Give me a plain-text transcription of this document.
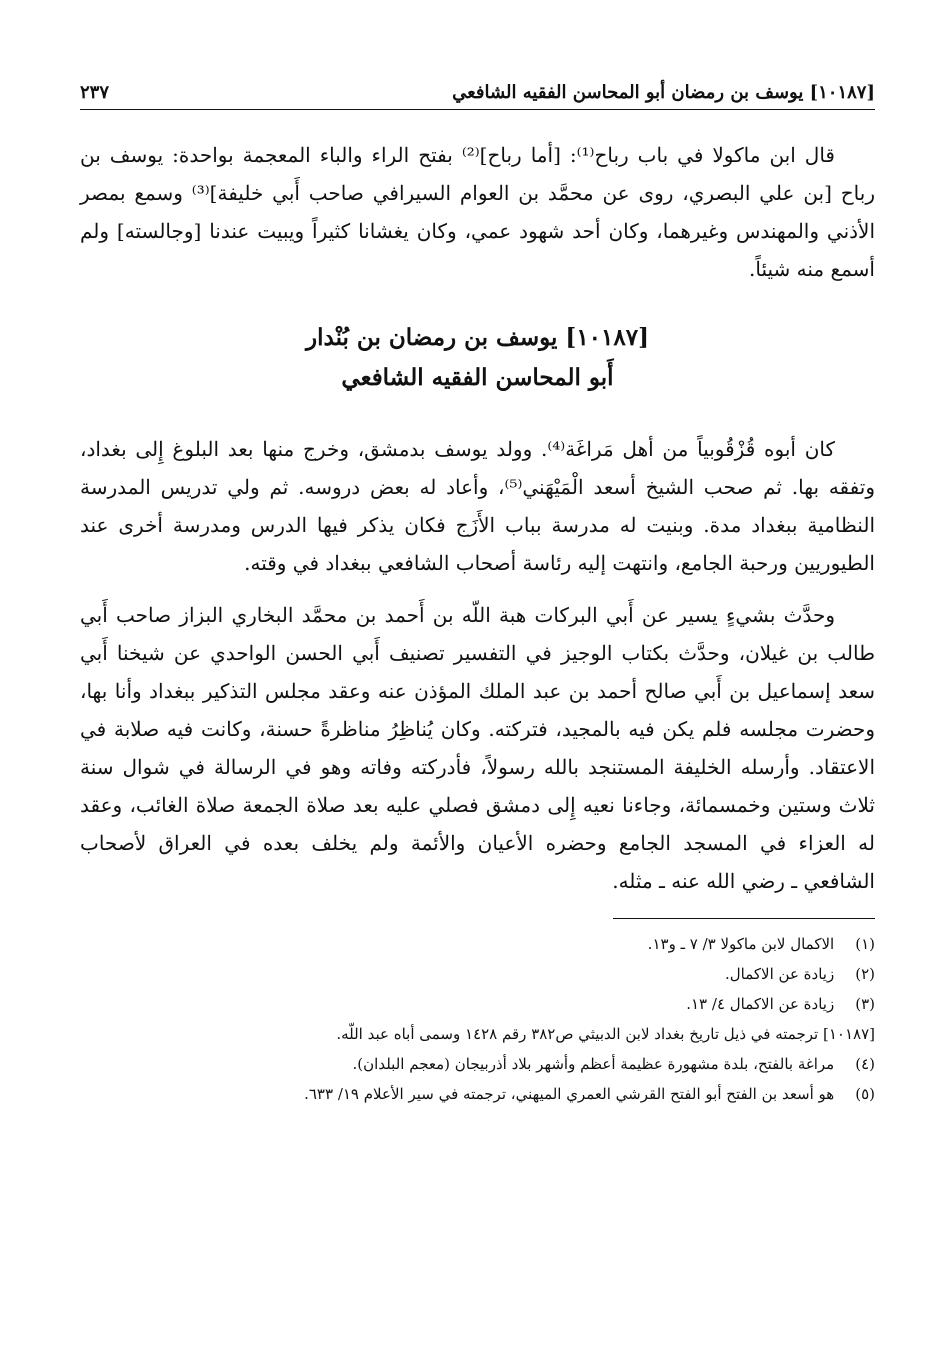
[١٠١٨٧] يوسف بن رمضان أبو المحاسن الفقيه الشافعي
٢٣٧

قال ابن ماكولا في باب رباح⁽¹⁾: [أما رباح]⁽²⁾ بفتح الراء والباء المعجمة بواحدة: يوسف بن رباح [بن علي البصري، روى عن محمَّد بن العوام السيرافي صاحب أَبي خليفة]⁽³⁾ وسمع بمصر الأذني والمهندس وغيرهما، وكان أحد شهود عمي، وكان يغشانا كثيراً ويبيت عندنا [وجالسته] ولم أسمع منه شيئاً.

[١٠١٨٧] يوسف بن رمضان بن بُنْدار
أَبو المحاسن الفقيه الشافعي

كان أبوه قُزْقُوبياً من أهل مَراغَة⁽⁴⁾. وولد يوسف بدمشق، وخرج منها بعد البلوغ إِلى بغداد، وتفقه بها. ثم صحب الشيخ أسعد الْمَيْهَني⁽⁵⁾، وأعاد له بعض دروسه. ثم ولي تدريس المدرسة النظامية ببغداد مدة. وبنيت له مدرسة بباب الأَزَج فكان يذكر فيها الدرس ومدرسة أخرى عند الطيوريين ورحبة الجامع، وانتهت إليه رئاسة أصحاب الشافعي ببغداد في وقته.

وحدَّث بشيءٍ يسير عن أَبي البركات هبة اللّه بن أَحمد بن محمَّد البخاري البزاز صاحب أَبي طالب بن غيلان، وحدَّث بكتاب الوجيز في التفسير تصنيف أَبي الحسن الواحدي عن شيخنا أَبي سعد إسماعيل بن أَبي صالح أحمد بن عبد الملك المؤذن عنه وعقد مجلس التذكير ببغداد وأنا بها، وحضرت مجلسه فلم يكن فيه بالمجيد، فتركته. وكان يُناظِرُ مناظرةً حسنة، وكانت فيه صلابة في الاعتقاد. وأرسله الخليفة المستنجد بالله رسولاً، فأدركته وفاته وهو في الرسالة في شوال سنة ثلاث وستين وخمسمائة، وجاءنا نعيه إِلى دمشق فصلي عليه بعد صلاة الجمعة صلاة الغائب، وعقد له العزاء في المسجد الجامع وحضره الأعيان والأئمة ولم يخلف بعده في العراق لأصحاب الشافعي ـ رضي الله عنه ـ مثله.

(١) الاكمال لابن ماكولا ٣/ ٧ ـ و١٣.
(٢) زيادة عن الاكمال.
(٣) زيادة عن الاكمال ٤/ ١٣.
[١٠١٨٧] ترجمته في ذيل تاريخ بغداد لابن الدبيثي ص٣٨٢ رقم ١٤٢٨ وسمى أباه عبد اللّه.
(٤) مراغة بالفتح، بلدة مشهورة عظيمة أعظم وأشهر بلاد أذربيجان (معجم البلدان).
(٥) هو أسعد بن الفتح أبو الفتح القرشي العمري الميهني، ترجمته في سير الأعلام ١٩/ ٦٣٣.
